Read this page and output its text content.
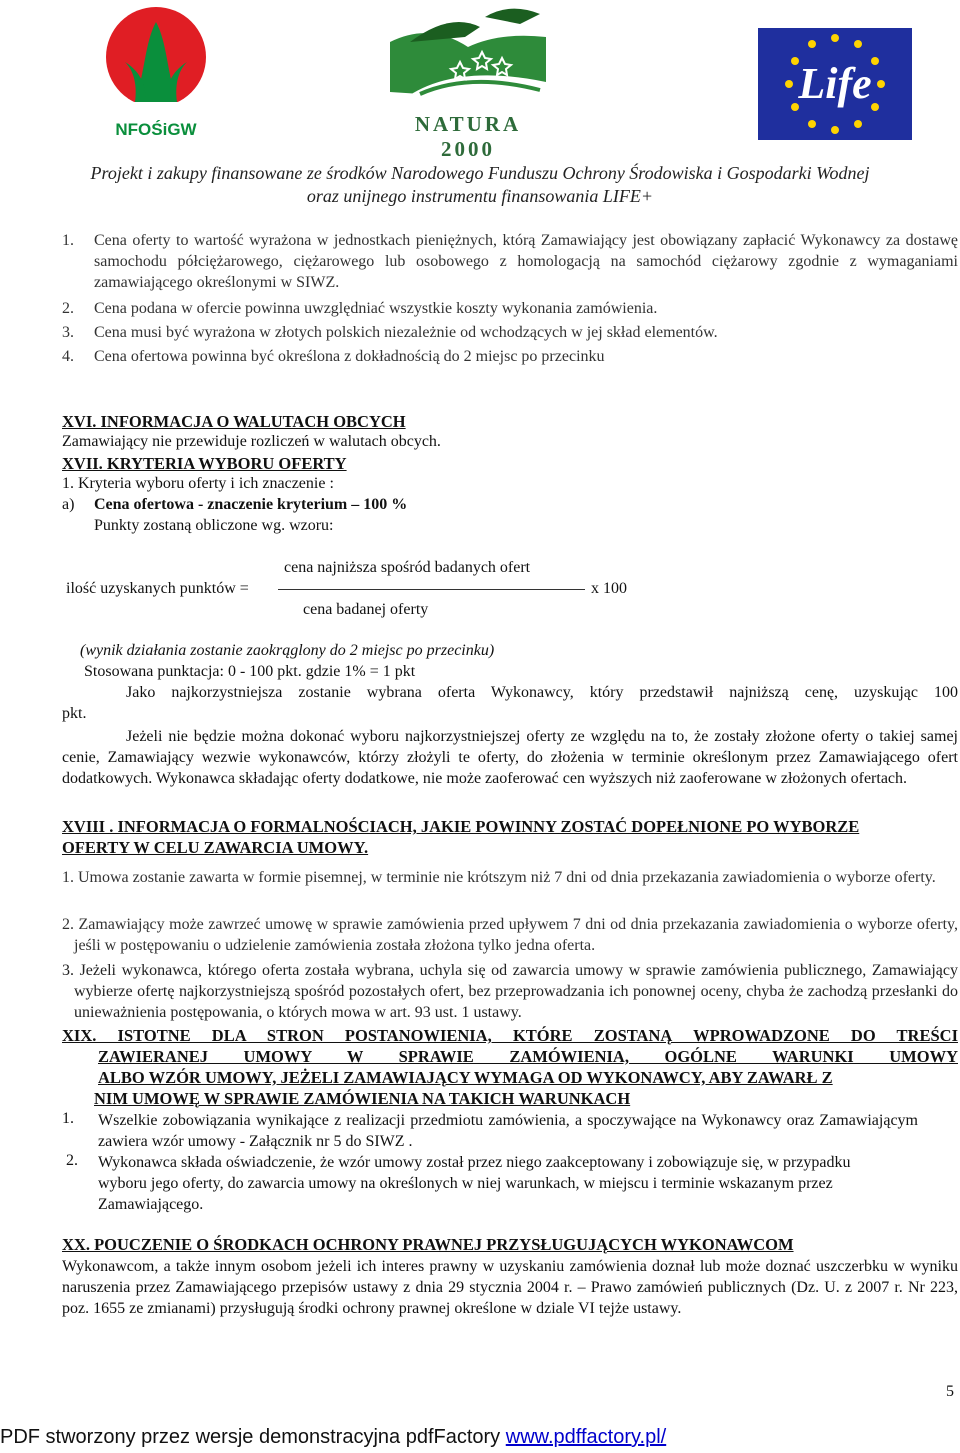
NFOŚiGW	NATURA 2000
Life
Projekt i zakupy finansowane ze środków Narodowego Funduszu Ochrony Środowiska i Gospodarki Wodnej
oraz unijnego instrumentu finansowania LIFE+
1.	Cena oferty to wartość wyrażona w jednostkach pieniężnych, którą Zamawiający jest obowiązany zapłacić Wykonawcy za dostawę samochodu półciężarowego, ciężarowego lub osobowego z homologacją na samochód ciężarowy zgodnie z wymaganiami zamawiającego określonymi w SIWZ.
2.	Cena podana w ofercie powinna uwzględniać wszystkie koszty wykonania zamówienia.
3.	Cena musi być wyrażona w złotych polskich niezależnie od wchodzących w jej skład elementów.
4.	Cena ofertowa powinna być określona z dokładnością do 2 miejsc po przecinku
XVI. INFORMACJA O WALUTACH OBCYCH
Zamawiający nie przewiduje rozliczeń w walutach obcych.
XVII. KRYTERIA WYBORU OFERTY
1. Kryteria wyboru oferty i ich znaczenie :
a) Cena ofertowa - znaczenie kryterium – 100 %
Punkty zostaną obliczone wg. wzoru:
cena najniższa spośród badanych ofert
ilość uzyskanych punktów =	x 100
cena badanej oferty
(wynik działania zostanie zaokrąglony do 2 miejsc po przecinku)
Stosowana punktacja: 0 - 100 pkt. gdzie 1% = 1 pkt
Jako najkorzystniejsza zostanie wybrana oferta Wykonawcy, który przedstawił najniższą cenę, uzyskując 100
pkt.
Jeżeli nie będzie można dokonać wyboru najkorzystniejszej oferty ze względu na to, że zostały złożone oferty o takiej samej cenie, Zamawiający wezwie wykonawców, którzy złożyli te oferty, do złożenia w terminie określonym przez Zamawiającego ofert dodatkowych. Wykonawca składając oferty dodatkowe, nie może zaoferować cen wyższych niż zaoferowane w złożonych ofertach.
XVIII . INFORMACJA O FORMALNOŚCIACH, JAKIE POWINNY ZOSTAĆ DOPEŁNIONE PO WYBORZE
OFERTY W CELU ZAWARCIA UMOWY.
1. Umowa zostanie zawarta w formie pisemnej, w terminie nie krótszym niż 7 dni od dnia przekazania zawiadomienia o wyborze oferty.
2. Zamawiający może zawrzeć umowę w sprawie zamówienia przed upływem 7 dni od dnia przekazania zawiadomienia o wyborze oferty, jeśli w postępowaniu o udzielenie zamówienia została złożona tylko jedna oferta.
3. Jeżeli wykonawca, którego oferta została wybrana, uchyla się od zawarcia umowy w sprawie zamówienia publicznego, Zamawiający wybierze ofertę najkorzystniejszą spośród pozostałych ofert, bez przeprowadzania ich ponownej oceny, chyba że zachodzą przesłanki do unieważnienia postępowania, o których mowa w art. 93 ust. 1 ustawy.
XIX. ISTOTNE DLA STRON POSTANOWIENIA, KTÓRE ZOSTANĄ WPROWADZONE DO TREŚCI
ZAWIERANEJ UMOWY W SPRAWIE ZAMÓWIENIA, OGÓLNE WARUNKI UMOWY
ALBO WZÓR UMOWY, JEŻELI ZAMAWIAJĄCY WYMAGA OD WYKONAWCY, ABY ZAWARŁ Z
NIM UMOWĘ W SPRAWIE ZAMÓWIENIA NA TAKICH WARUNKACH
1. Wszelkie zobowiązania wynikające z realizacji przedmiotu zamówienia, a spoczywające na Wykonawcy oraz Zamawiającym zawiera wzór umowy - Załącznik nr 5 do SIWZ .
2. Wykonawca składa oświadczenie, że wzór umowy został przez niego zaakceptowany i zobowiązuje się, w przypadku wyboru jego oferty, do zawarcia umowy na określonych w niej warunkach, w miejscu i terminie wskazanym przez Zamawiającego.
XX. POUCZENIE O ŚRODKACH OCHRONY PRAWNEJ PRZYSŁUGUJĄCYCH WYKONAWCOM
Wykonawcom, a także innym osobom jeżeli ich interes prawny w uzyskaniu zamówienia doznał lub może doznać uszczerbku w wyniku naruszenia przez Zamawiającego przepisów ustawy z dnia 29 stycznia 2004 r. – Prawo zamówień publicznych (Dz. U. z 2007 r. Nr 223, poz. 1655 ze zmianami) przysługują środki ochrony prawnej określone w dziale VI tejże ustawy.
5
PDF stworzony przez wersje demonstracyjna pdfFactory www.pdffactory.pl/
